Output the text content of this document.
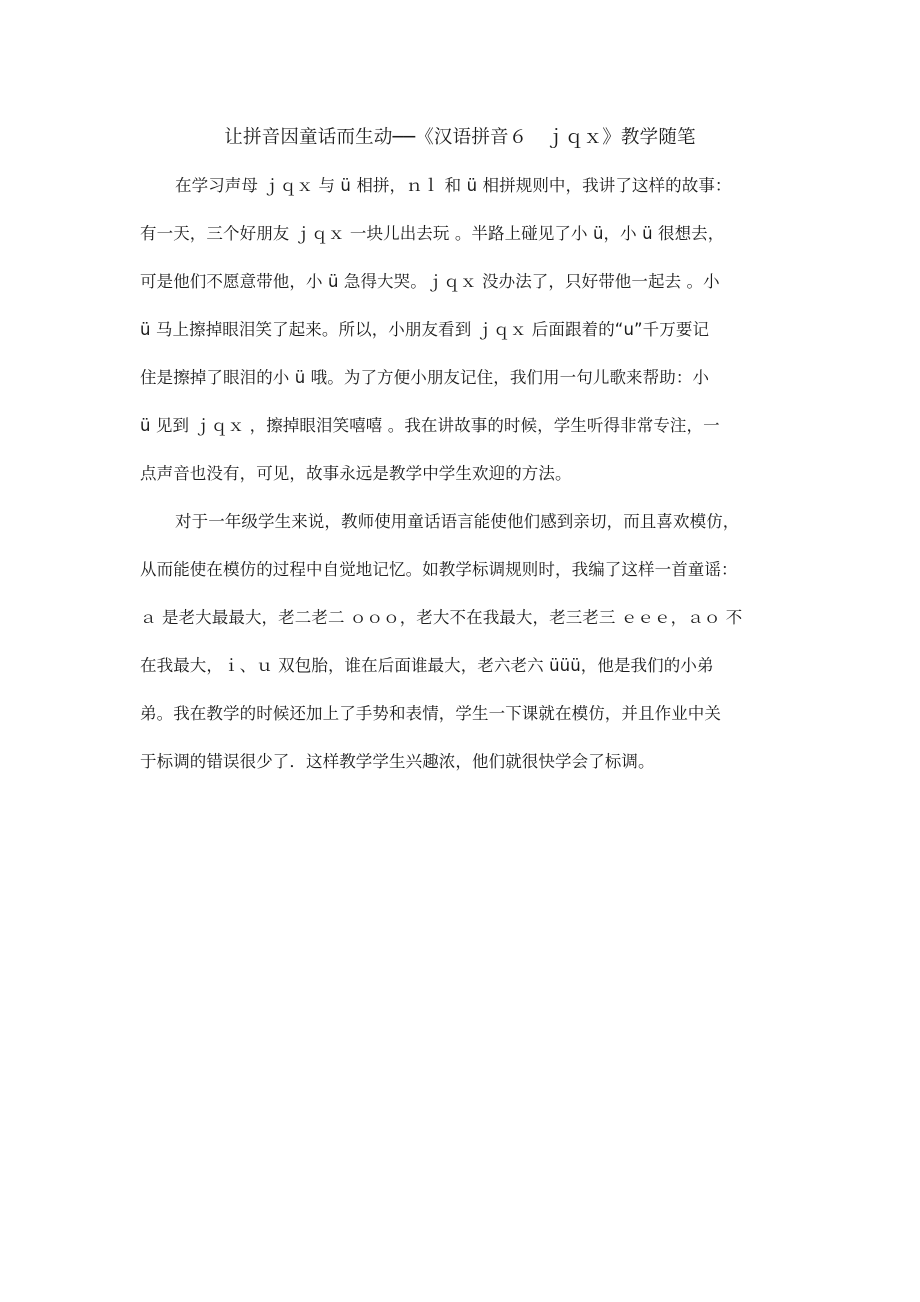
让拼音因童话而生动──《汉语拼音６　ｊｑｘ》教学随笔
在学习声母 ｊｑｘ 与 ü 相拼，ｎｌ 和 ü 相拼规则中，我讲了这样的故事：
有一天，三个好朋友 ｊｑｘ 一块儿出去玩 。半路上碰见了小 ü，小 ü 很想去，
可是他们不愿意带他，小 ü 急得大哭。ｊｑｘ 没办法了，只好带他一起去 。小
ü 马上擦掉眼泪笑了起来。所以，小朋友看到 ｊｑｘ 后面跟着的“u”千万要记
住是擦掉了眼泪的小 ü 哦。为了方便小朋友记住，我们用一句儿歌来帮助：小
ü 见到 ｊｑｘ ，擦掉眼泪笑嘻嘻 。我在讲故事的时候，学生听得非常专注，一
点声音也没有，可见，故事永远是教学中学生欢迎的方法。
对于一年级学生来说，教师使用童话语言能使他们感到亲切，而且喜欢模仿，
从而能使在模仿的过程中自觉地记忆。如教学标调规则时，我编了这样一首童谣：
ａ 是老大最最大，老二老二 ｏｏｏ，老大不在我最大，老三老三 ｅｅｅ，ａｏ 不
在我最大，ｉ、ｕ 双包胎，谁在后面谁最大，老六老六 üüü，他是我们的小弟
弟。我在教学的时候还加上了手势和表情，学生一下课就在模仿，并且作业中关
于标调的错误很少了．这样教学学生兴趣浓，他们就很快学会了标调。
